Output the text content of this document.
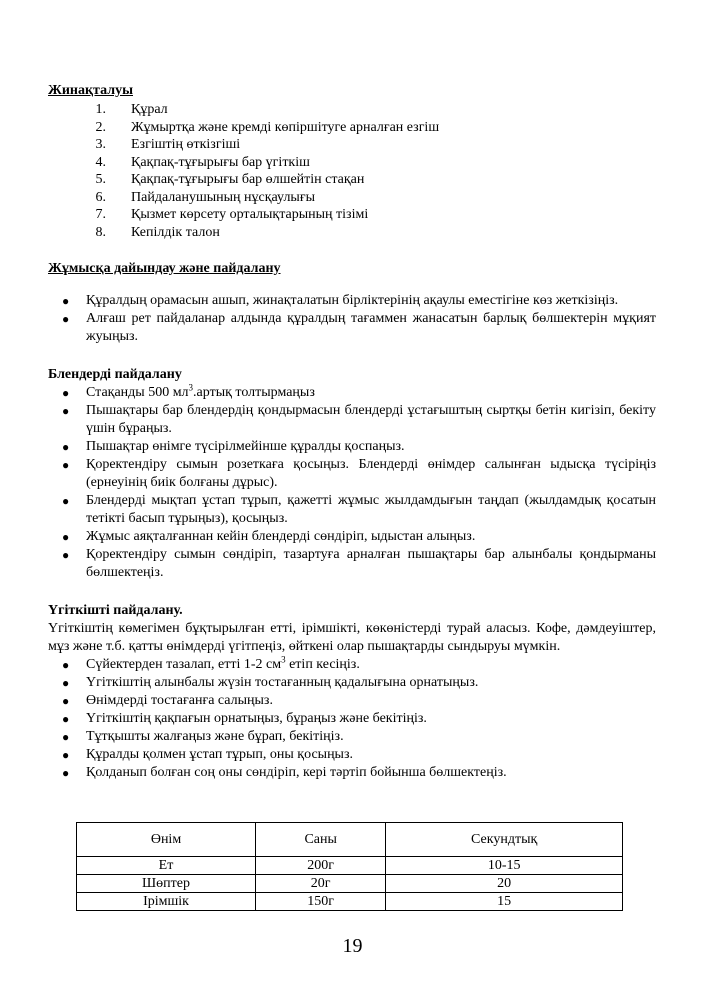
Жинақталуы

1. Құрал
2. Жұмыртқа және кремді көпіршітуге арналған езгіш
3. Езгіштің өткізгіші
4. Қақпақ-тұғырығы бар үгіткіш
5. Қақпақ-тұғырығы бар өлшейтін стақан
6. Пайдаланушының нұсқаулығы
7. Қызмет көрсету орталықтарының тізімі
8. Кепілдік талон

Жұмысқа дайындау және пайдалану

●	Құралдың орамасын ашып, жинақталатын бірліктерінің ақаулы еместігіне көз жеткізіңіз.
●	Алғаш рет пайдаланар алдында құралдың тағаммен жанасатын барлық бөлшектерін мұқият жуыңыз.

Блендерді пайдалану

●	Стақанды 500 $мл^3.артық$ толтырмаңыз
●	Пышақтары бар блендердің қондырмасын блендерді ұстағыштың сыртқы бетін кигізіп, бекіту үшін бұраңыз.
●	Пышақтар өнімге түсірілмейінше құралды қоспаңыз.
●	Қоректендіру сымын розеткаға қосыңыз. Блендерді өнімдер салынған ыдысқа түсіріңіз (ернеуінің биік болғаны дұрыс).
●	Блендерді мықтап ұстап тұрып, қажетті жұмыс жылдамдығын таңдап (жылдамдық қосатын тетікті басып тұрыңыз), қосыңыз.
●	Жұмыс аяқталғаннан кейін блендерді сөндіріп, ыдыстан алыңыз.
●	Қоректендіру сымын сөндіріп, тазартуға арналған пышақтары бар алынбалы қондырманы бөлшектеңіз.

Үгіткішті пайдалану.

Үгіткіштің көмегімен бұқтырылған етті, ірімшікті, көкөністерді турай аласыз. Кофе, дәмдеуіштер, мұз және т.б. қатты өнімдерді үгітпеңіз, өйткені олар пышақтарды сындыруы мүмкін.

●	Сүйектерден тазалап, етті 1-2 $см^3$ етіп кесіңіз.
●	Үгіткіштің алынбалы жүзін тостағанның қадалығына орнатыңыз.
●	Өнімдерді тостағанға салыңыз.
●	Үгіткіштің қақпағын орнатыңыз, бұраңыз және бекітіңіз.
●	Тұтқышты жалғаңыз және бұрап, бекітіңіз.
●	Құралды қолмен ұстап тұрып, оны қосыңыз.
●	Қолданып болған соң оны сөндіріп, кері тәртіп бойынша бөлшектеңіз.
Өнім	Саны	Секундтық
Ет	200г	10-15
Шөптер	20г	20
Ірімшік	150г	15
19
